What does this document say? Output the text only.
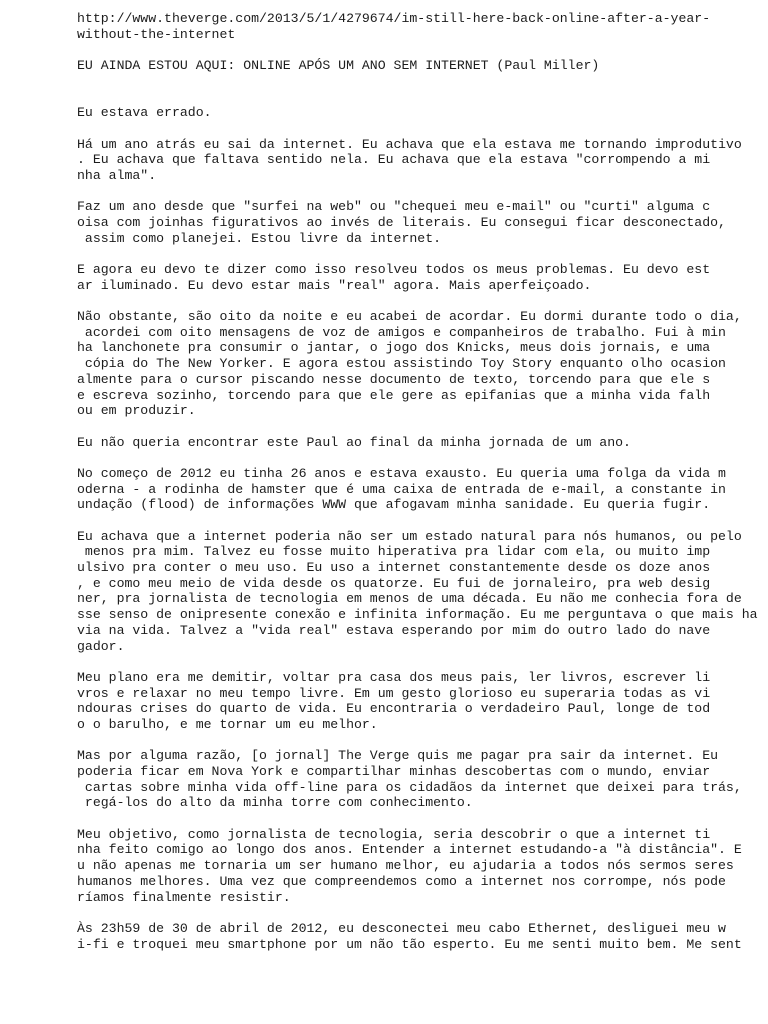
http://www.theverge.com/2013/5/1/4279674/im-still-here-back-online-after-a-year-
without-the-internet
EU AINDA ESTOU AQUI: ONLINE APÓS UM ANO SEM INTERNET (Paul Miller)
Eu estava errado.
Há um ano atrás eu sai da internet. Eu achava que ela estava me tornando improdutivo
. Eu achava que faltava sentido nela. Eu achava que ela estava "corrompendo a mi
nha alma".
Faz um ano desde que "surfei na web" ou "chequei meu e-mail" ou "curti" alguma c
oisa com joinhas figurativos ao invés de literais. Eu consegui ficar desconectado,
assim como planejei. Estou livre da internet.
E agora eu devo te dizer como isso resolveu todos os meus problemas. Eu devo est
ar iluminado. Eu devo estar mais "real" agora. Mais aperfeiçoado.
Não obstante, são oito da noite e eu acabei de acordar. Eu dormi durante todo o dia,
acordei com oito mensagens de voz de amigos e companheiros de trabalho. Fui à min
ha lanchonete pra consumir o jantar, o jogo dos Knicks, meus dois jornais, e uma
cópia do The New Yorker. E agora estou assistindo Toy Story enquanto olho ocasion
almente para o cursor piscando nesse documento de texto, torcendo para que ele s
e escreva sozinho, torcendo para que ele gere as epifanias que a minha vida falh
ou em produzir.
Eu não queria encontrar este Paul ao final da minha jornada de um ano.
No começo de 2012 eu tinha 26 anos e estava exausto. Eu queria uma folga da vida m
oderna - a rodinha de hamster que é uma caixa de entrada de e-mail, a constante in
undação (flood) de informações WWW que afogavam minha sanidade. Eu queria fugir.
Eu achava que a internet poderia não ser um estado natural para nós humanos, ou pelo
menos pra mim. Talvez eu fosse muito hiperativa pra lidar com ela, ou muito imp
ulsivo pra conter o meu uso. Eu uso a internet constantemente desde os doze anos
, e como meu meio de vida desde os quatorze. Eu fui de jornaleiro, pra web desig
ner, pra jornalista de tecnologia em menos de uma década. Eu não me conhecia fora de
sse senso de onipresente conexão e infinita informação. Eu me perguntava o que mais ha
via na vida. Talvez a "vida real" estava esperando por mim do outro lado do nave
gador.
Meu plano era me demitir, voltar pra casa dos meus pais, ler livros, escrever li
vros e relaxar no meu tempo livre. Em um gesto glorioso eu superaria todas as vi
ndouras crises do quarto de vida. Eu encontraria o verdadeiro Paul, longe de tod
o o barulho, e me tornar um eu melhor.
Mas por alguma razão, [o jornal] The Verge quis me pagar pra sair da internet. Eu
poderia ficar em Nova York e compartilhar minhas descobertas com o mundo, enviar
cartas sobre minha vida off-line para os cidadãos da internet que deixei para trás,
regá-los do alto da minha torre com conhecimento.
Meu objetivo, como jornalista de tecnologia, seria descobrir o que a internet ti
nha feito comigo ao longo dos anos. Entender a internet estudando-a "à distância". E
u não apenas me tornaria um ser humano melhor, eu ajudaria a todos nós sermos seres
humanos melhores. Uma vez que compreendemos como a internet nos corrompe, nós pode
ríamos finalmente resistir.
Às 23h59 de 30 de abril de 2012, eu desconectei meu cabo Ethernet, desliguei meu w
i-fi e troquei meu smartphone por um não tão esperto. Eu me senti muito bem. Me sent
